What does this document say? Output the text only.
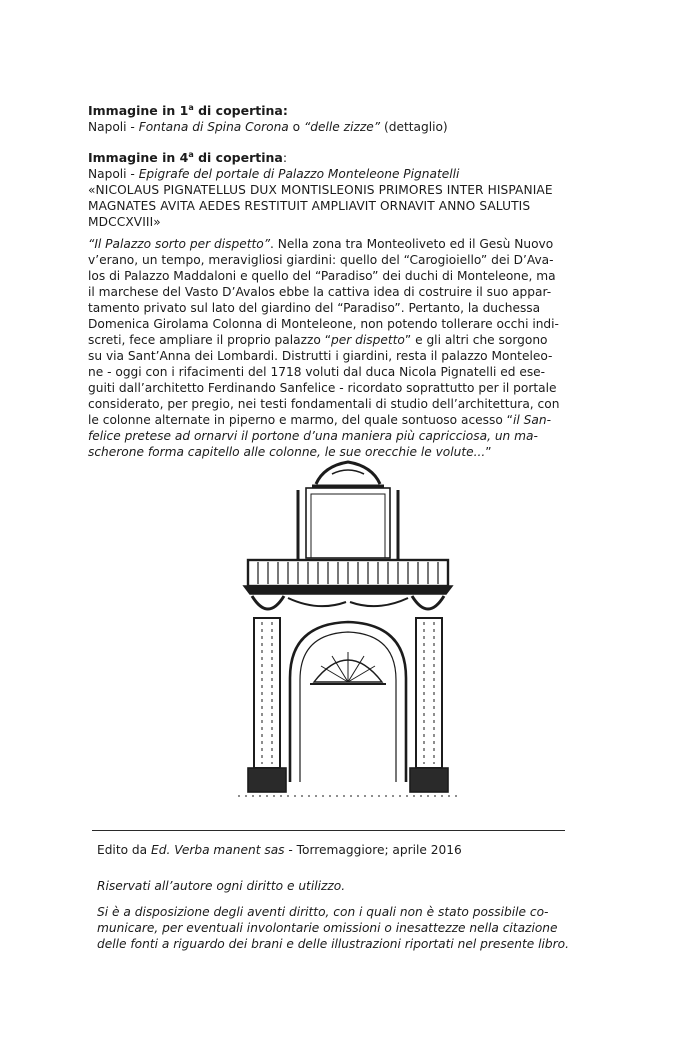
Immagine in 1$^a$ di copertina:
Napoli - Fontana di Spina Corona o “delle zizze” (dettaglio)
Immagine in 4$^a$ di copertina:
Napoli - Epigrafe del portale di Palazzo Monteleone Pignatelli
«NICOLAUS PIGNATELLUS DUX MONTISLEONIS PRIMORES INTER HISPANIAE
MAGNATES AVITA AEDES RESTITUIT AMPLIAVIT ORNAVIT ANNO SALUTIS
MDCCXVIII»
“Il Palazzo sorto per dispetto”. Nella zona tra Monteoliveto ed il Gesù Nuovo
v’erano, un tempo, meravigliosi giardini: quello del “Carogioiello” dei D’Ava-
los di Palazzo Maddaloni e quello del “Paradiso” dei duchi di Monteleone, ma
il marchese del Vasto D’Avalos ebbe la cattiva idea di costruire il suo appar-
tamento privato sul lato del giardino del “Paradiso”. Pertanto, la duchessa
Domenica Girolama Colonna di Monteleone, non potendo tollerare occhi indi-
screti, fece ampliare il proprio palazzo “per dispetto” e gli altri che sorgono
su via Sant’Anna dei Lombardi. Distrutti i giardini, resta il palazzo Monteleo-
ne - oggi con i rifacimenti del 1718 voluti dal duca Nicola Pignatelli ed ese-
guiti dall’architetto Ferdinando Sanfelice - ricordato soprattutto per il portale
considerato, per pregio, nei testi fondamentali di studio dell’architettura, con
le colonne alternate in piperno e marmo, del quale sontuoso acesso “il San-
felice pretese ad ornarvi il portone d’una maniera più capricciosa, un ma-
scherone forma capitello alle colonne, le sue orecchie le volute...”
Edito da Ed. Verba manent sas - Torremaggiore; aprile 2016
Riservati all’autore ogni diritto e utilizzo.
Si è a disposizione degli aventi diritto, con i quali non è stato possibile co-
municare, per eventuali involontarie omissioni o inesattezze nella citazione
delle fonti a riguardo dei brani e delle illustrazioni riportati nel presente libro.
